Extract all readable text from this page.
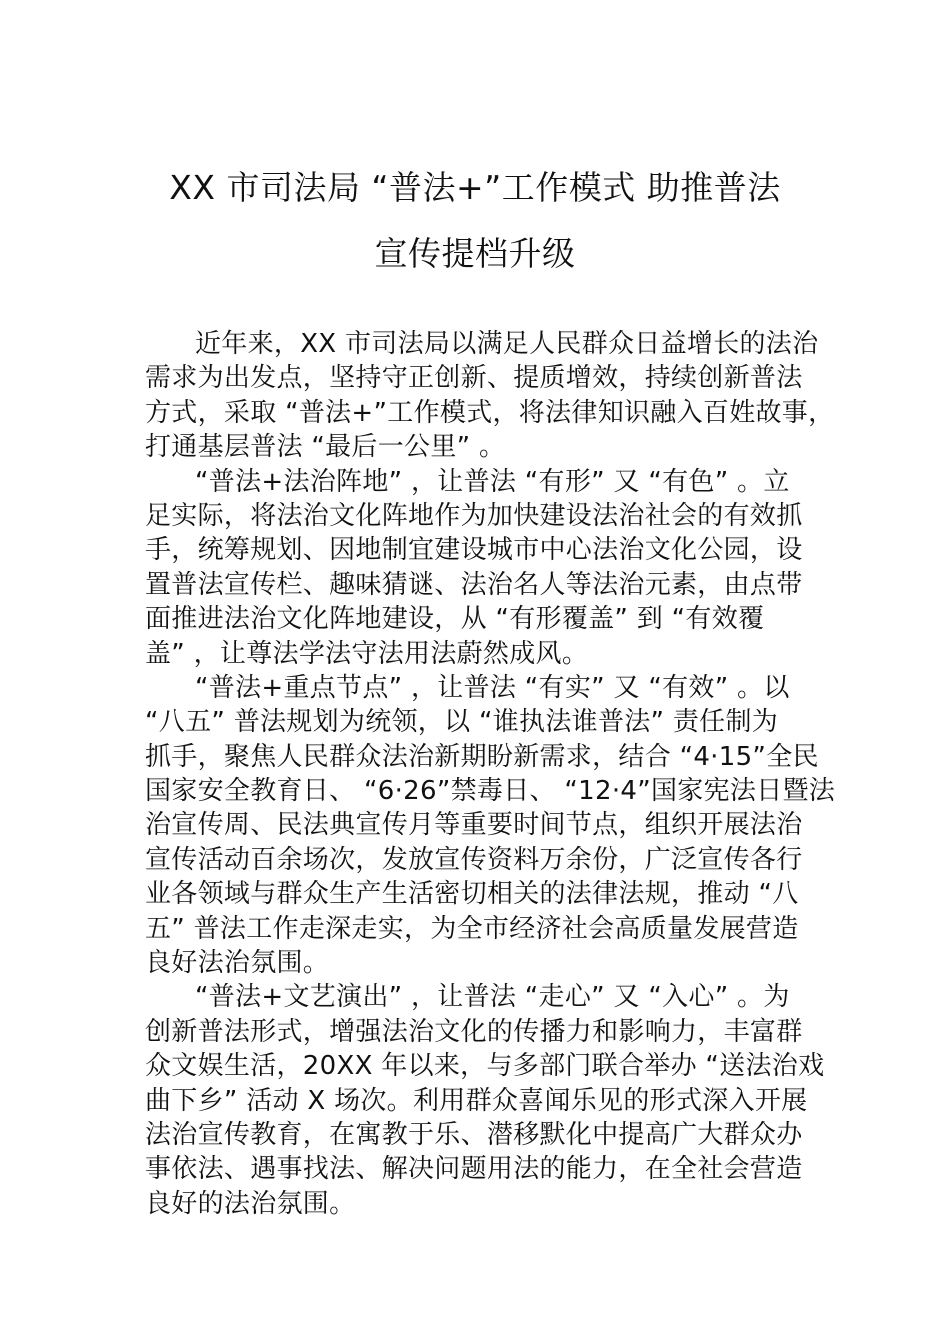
XX 市司法局 “普法+”工作模式 助推普法
宣传提档升级
近年来，XX 市司法局以满足人民群众日益增长的法治
需求为出发点，坚持守正创新、提质增效，持续创新普法
方式，采取 “普法+”工作模式，将法律知识融入百姓故事，
打通基层普法 “最后一公里” 。
“普法+法治阵地” ，让普法 “有形” 又 “有色” 。立
足实际，将法治文化阵地作为加快建设法治社会的有效抓
手，统筹规划、因地制宜建设城市中心法治文化公园，设
置普法宣传栏、趣味猜谜、法治名人等法治元素，由点带
面推进法治文化阵地建设，从 “有形覆盖” 到 “有效覆
盖” ，让尊法学法守法用法蔚然成风。
“普法+重点节点” ，让普法 “有实” 又 “有效” 。以
“八五” 普法规划为统领，以 “谁执法谁普法” 责任制为
抓手，聚焦人民群众法治新期盼新需求，结合 “4·15”全民
国家安全教育日、 “6·26”禁毒日、 “12·4”国家宪法日暨法
治宣传周、民法典宣传月等重要时间节点，组织开展法治
宣传活动百余场次，发放宣传资料万余份，广泛宣传各行
业各领域与群众生产生活密切相关的法律法规，推动 “八
五” 普法工作走深走实，为全市经济社会高质量发展营造
良好法治氛围。
“普法+文艺演出” ，让普法 “走心” 又 “入心” 。为
创新普法形式，增强法治文化的传播力和影响力，丰富群
众文娱生活，20XX 年以来，与多部门联合举办 “送法治戏
曲下乡” 活动 X 场次。利用群众喜闻乐见的形式深入开展
法治宣传教育，在寓教于乐、潜移默化中提高广大群众办
事依法、遇事找法、解决问题用法的能力，在全社会营造
良好的法治氛围。
